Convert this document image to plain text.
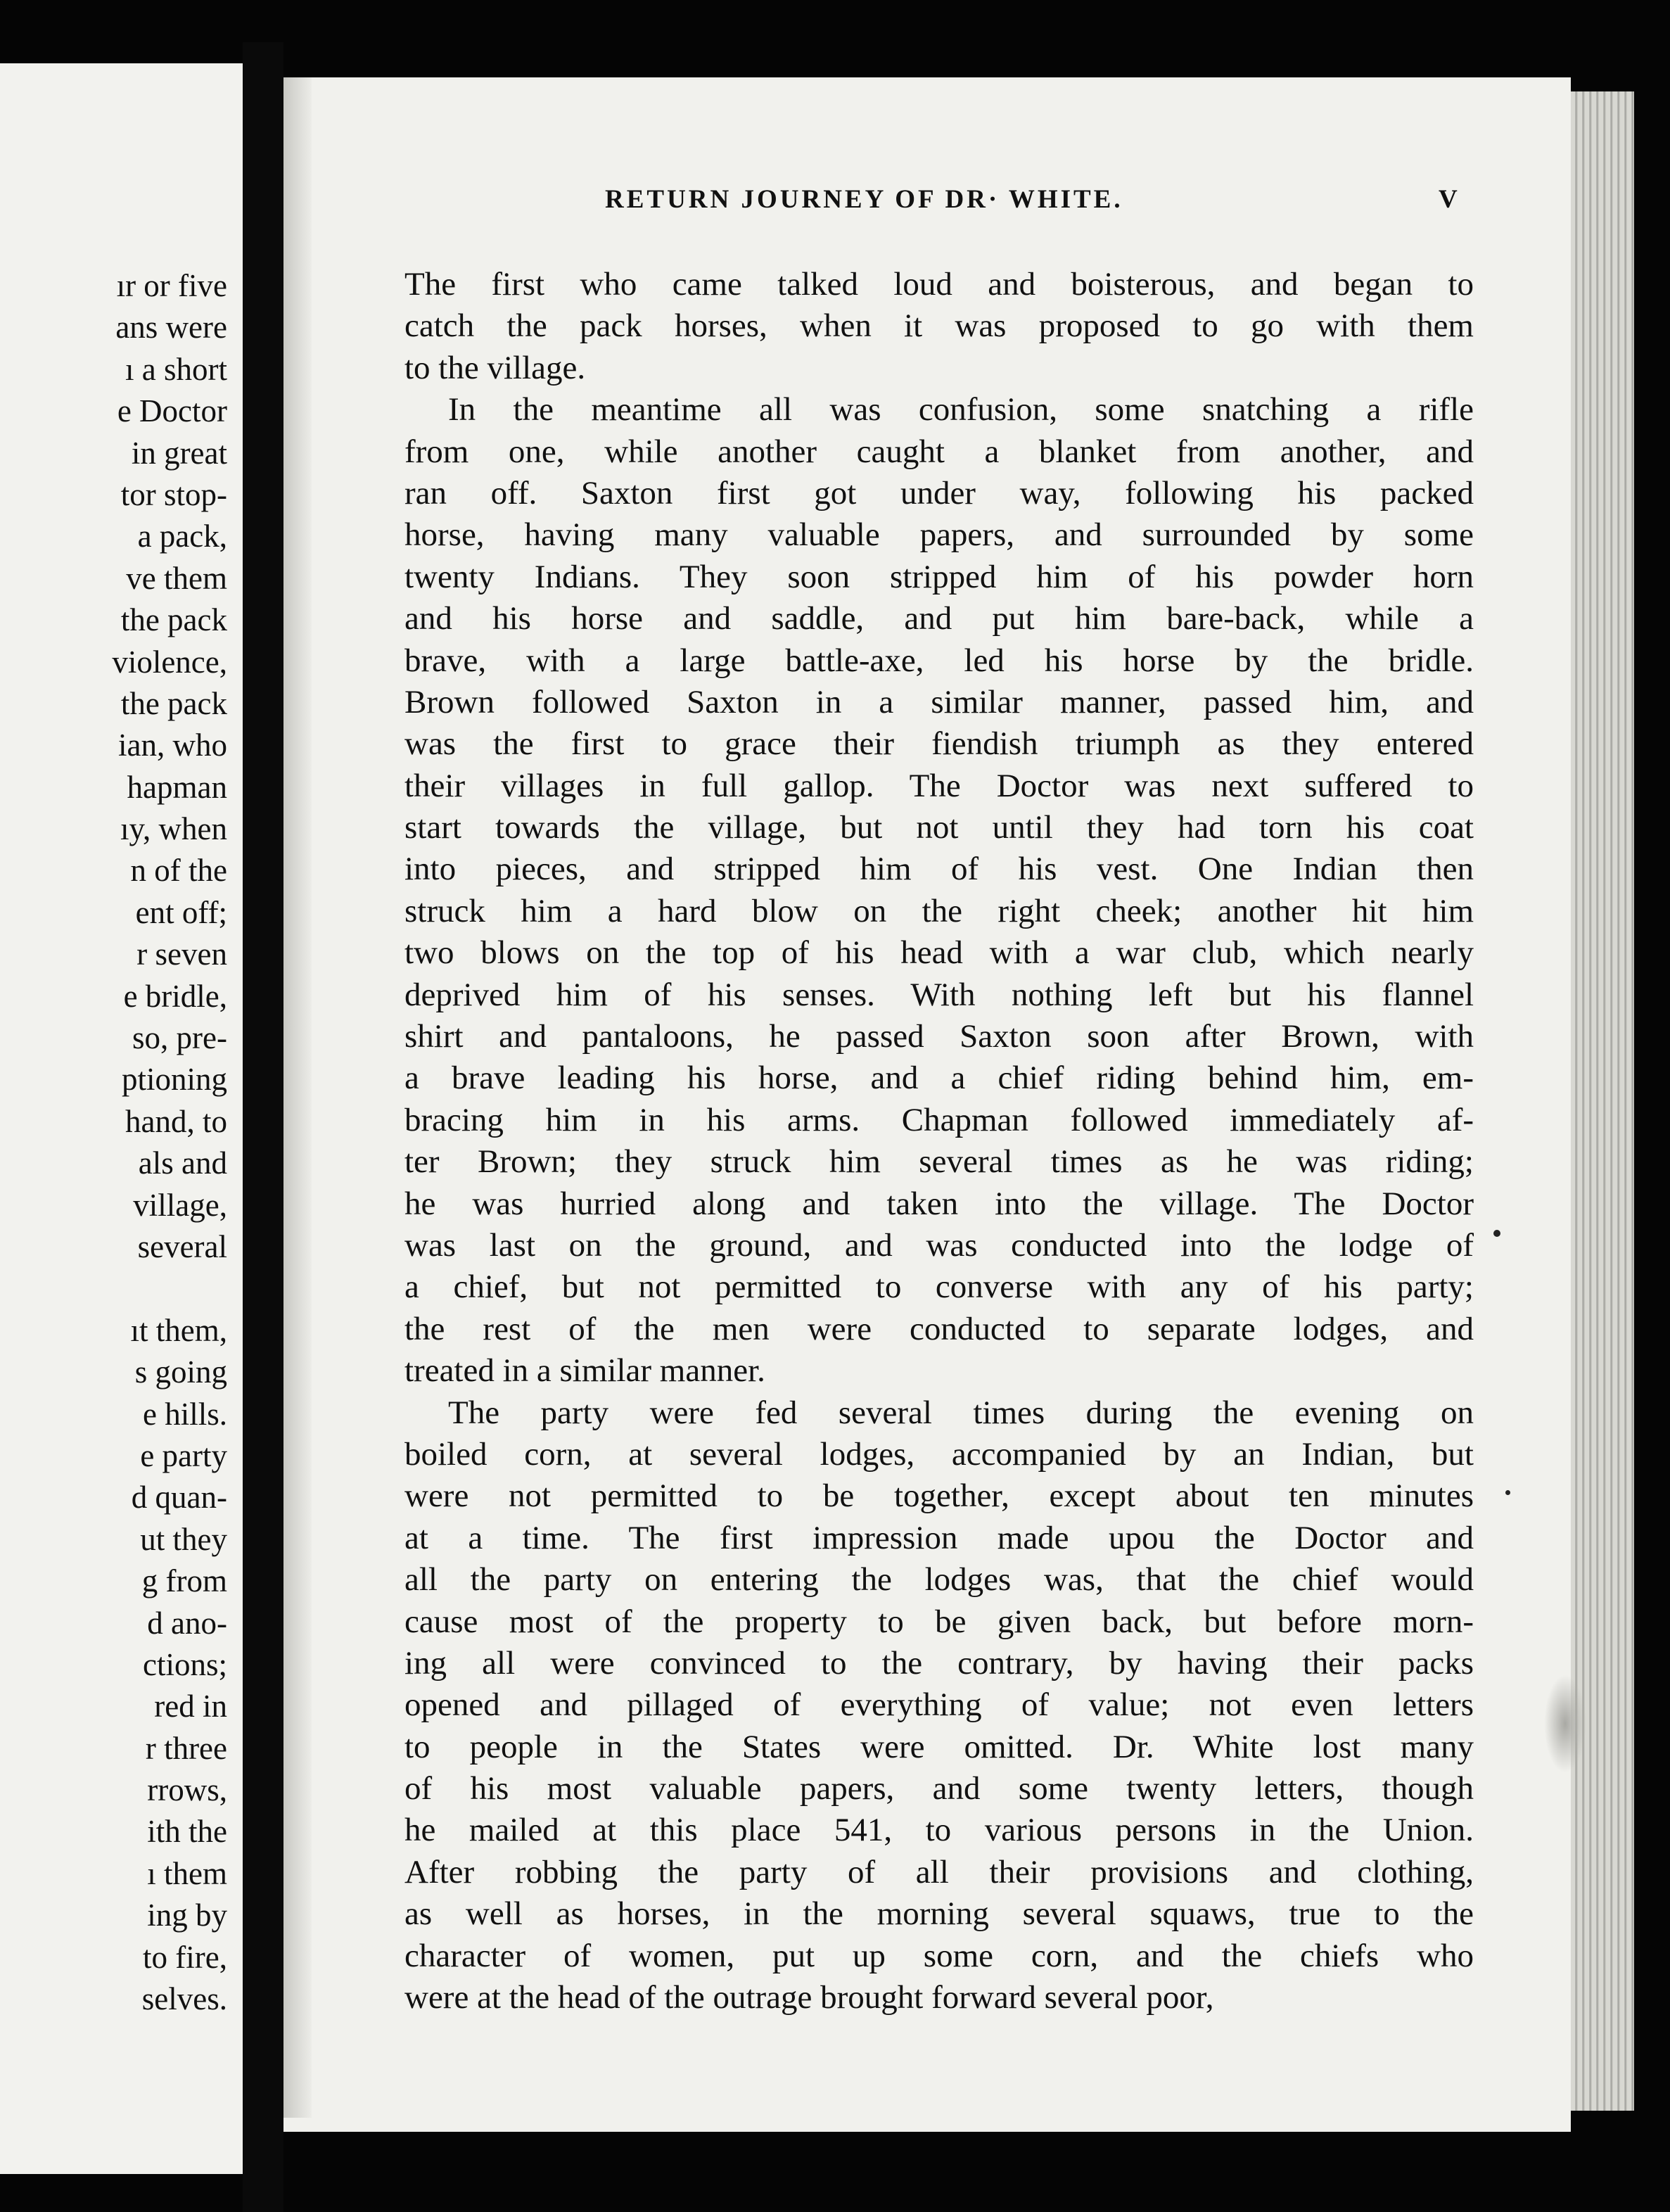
ır or five
ans were
ı a short
e Doctor
in great
tor stop-
a pack,
ve them
the pack
violence,
the pack
ian, who
hapman
ıy, when
n of the
ent off;
r seven
e bridle,
so, pre-
ptioning
hand, to
als and
village,
several
ıt them,
s going
e hills.
e party
d quan-
ut they
g from
d ano-
ctions;
red in
r three
rrows,
ith the
ı them
ing by
to fire,
selves.
RETURN JOURNEY OF DR· WHITE.	V
The first who came talked loud and boisterous, and began to
catch the pack horses, when it was proposed to go with them
to the village.
In the meantime all was confusion, some snatching a rifle
from one, while another caught a blanket from another, and
ran off. Saxton first got under way, following his packed
horse, having many valuable papers, and surrounded by some
twenty Indians. They soon stripped him of his powder horn
and his horse and saddle, and put him bare-back, while a
brave, with a large battle-axe, led his horse by the bridle.
Brown followed Saxton in a similar manner, passed him, and
was the first to grace their fiendish triumph as they entered
their villages in full gallop. The Doctor was next suffered to
start towards the village, but not until they had torn his coat
into pieces, and stripped him of his vest. One Indian then
struck him a hard blow on the right cheek; another hit him
two blows on the top of his head with a war club, which nearly
deprived him of his senses. With nothing left but his flannel
shirt and pantaloons, he passed Saxton soon after Brown, with
a brave leading his horse, and a chief riding behind him, em-
bracing him in his arms. Chapman followed immediately af-
ter Brown; they struck him several times as he was riding;
he was hurried along and taken into the village. The Doctor
was last on the ground, and was conducted into the lodge of
a chief, but not permitted to converse with any of his party;
the rest of the men were conducted to separate lodges, and
treated in a similar manner.
The party were fed several times during the evening on
boiled corn, at several lodges, accompanied by an Indian, but
were not permitted to be together, except about ten minutes
at a time. The first impression made upou the Doctor and
all the party on entering the lodges was, that the chief would
cause most of the property to be given back, but before morn-
ing all were convinced to the contrary, by having their packs
opened and pillaged of everything of value; not even letters
to people in the States were omitted. Dr. White lost many
of his most valuable papers, and some twenty letters, though
he mailed at this place 541, to various persons in the Union.
After robbing the party of all their provisions and clothing,
as well as horses, in the morning several squaws, true to the
character of women, put up some corn, and the chiefs who
were at the head of the outrage brought forward several poor,
